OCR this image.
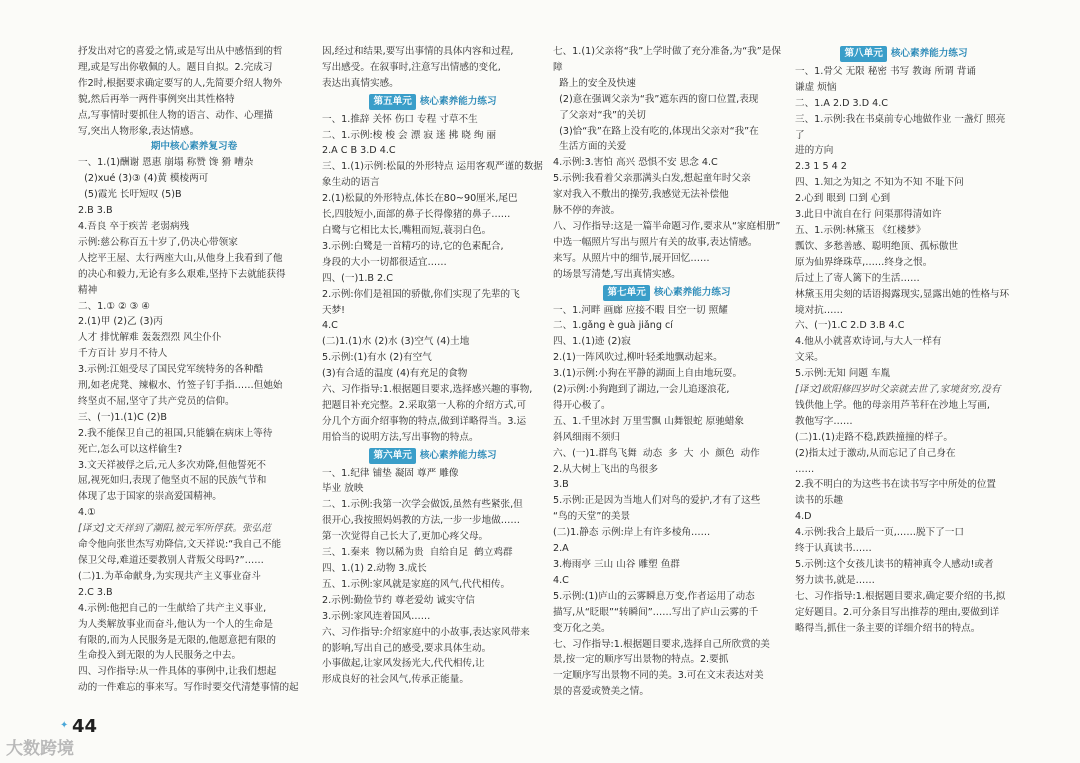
抒发出对它的喜爱之情,或是写出从中感悟到的哲

理,或是写出你敬佩的人。题目自拟。2.完成习

作2时,根据要求确定要写的人,先简要介绍人物外

貌,然后再举一两件事例突出其性格特

点,写事情时要抓住人物的语言、动作、心理描

写,突出人物形象,表达情感。

期中核心素养复习卷

一、1.(1)酬谢 恩惠 崩塌 称赞 馋 猾 嘈杂

(2)xué (3)③ (4)黄 模棱两可

(5)霞光 长吁短叹 (5)B

2.B 3.B

4.吾良 卒于疾苦 老弱病残

示例:慈公称百五十岁了,仍决心带领家

人挖平王屋、太行两座大山,从他身上我看到了他

的决心和毅力,无论有多么艰难,坚持下去就能获得

精神

二、1.① ② ③ ④

2.(1)甲 (2)乙 (3)丙

人才 排忧解难 轰轰烈烈 风尘仆仆

千方百计 岁月不待人

3.示例:江姐受尽了国民党军统特务的各种酷

刑,如老虎凳、辣椒水、竹签子钉手指……但她始

终坚贞不屈,坚守了共产党员的信仰。

三、(一)1.(1)C (2)B

2.我不能保卫自己的祖国,只能躺在病床上等待

死亡,怎么可以这样偷生?

3.文天祥被俘之后,元人多次劝降,但他誓死不

屈,视死如归,表现了他坚贞不屈的民族气节和

体现了忠于国家的崇高爱国精神。

4.①

[译文]文天祥到了潮阳,被元军所俘获。张弘范

命令他向张世杰写劝降信,文天祥说:“我自己不能

保卫父母,难道还要教别人背叛父母吗?”……

(二)1.为革命献身,为实现共产主义事业奋斗

2.C 3.B

4.示例:他把自己的一生献给了共产主义事业,

为人类解放事业而奋斗,他认为一个人的生命是

有限的,而为人民服务是无限的,他愿意把有限的

生命投入到无限的为人民服务之中去。

四、习作指导:从一件具体的事例中,让我们想起

动的一件难忘的事来写。写作时要交代清楚事情的起

因,经过和结果,要写出事情的具体内容和过程,

写出感受。在叙事时,注意写出情感的变化,

表达出真情实感。

第五单元 核心素养能力练习

一、1.推辞 关怀 伤口 专程 寸草不生

二、1.示例:梭 梭 会 漂 寂 迷 拂 晓 绚 丽

2.A C B 3.D 4.C

三、1.(1)示例:松鼠的外形特点 运用客观严谨的数据

象生动的语言

2.(1)松鼠的外形特点,体长在80~90厘米,尾巴

长,四肢短小,面部的鼻子长得像猪的鼻子……

白鹭与它相比太长,嘴粗而短,蓑羽白色。

3.示例:白鹭是一首精巧的诗,它的色素配合,

身段的大小一切都很适宜……

四、(一)1.B 2.C

2.示例:你们是祖国的骄傲,你们实现了先辈的飞

天梦!

4.C

(二)1.(1)水 (2)水 (3)空气 (4)土地

5.示例:(1)有水 (2)有空气

(3)有合适的温度 (4)有充足的食物

六、习作指导:1.根据题目要求,选择感兴趣的事物,

把题目补充完整。2.采取第一人称的介绍方式,可

分几个方面介绍事物的特点,做到详略得当。3.运

用恰当的说明方法,写出事物的特点。

第六单元 核心素养能力练习

一、1.纪律 铺垫 凝固 尊严 雕像

毕业 放映

二、1.示例:我第一次学会做饭,虽然有些紧张,但

很开心,我按照妈妈教的方法,一步一步地做……

第一次觉得自己长大了,更加心疼父母。

三、1.秦来  物以稀为贵  自给自足  鹤立鸡群

四、1.(1) 2.动物 3.成长

五、1.示例:家风就是家庭的风气,代代相传。

2.示例:勤俭节约 尊老爱幼 诚实守信

3.示例:家风连着国风……

六、习作指导:介绍家庭中的小故事,表达家风带来

的影响,写出自己的感受,要求具体生动。

小事做起,让家风发扬光大,代代相传,让

形成良好的社会风气,传承正能量。

七、1.(1)父亲将“我”上学时做了充分准备,为“我”是保障

路上的安全及快速

(2)意在强调父亲为“我”遮东西的窗口位置,表现

了父亲对“我”的关切

(3)恰“我”在路上没有吃的,体现出父亲对“我”在

生活方面的关爱

4.示例:3.害怕 高兴 恐惧不安 思念 4.C

5.示例:我看着父亲那满头白发,想起童年时父亲

家对我入不敷出的操劳,我感觉无法补偿他

脉不停的奔波。

八、习作指导:这是一篇半命题习作,要求从“家庭相册”

中选一幅照片写出与照片有关的故事,表达情感。

来写。从照片中的细节,展开回忆……

的场景写清楚,写出真情实感。

第七单元 核心素养能力练习

一、1.河畔 画廊 应接不暇 目空一切 照耀

二、1.gǎng è guà jiǎng cí

四、1.(1)迹 (2)寂

2.(1)一阵风吹过,柳叶轻柔地飘动起来。

3.(1)示例:小狗在平静的湖面上自由地玩耍。

(2)示例:小狗跑到了湖边,一会儿追逐浪花,

得开心极了。

五、1.千里冰封 万里雪飘 山舞银蛇 原驰蜡象

斜风细雨不须归

六、(一)1.群鸟飞舞  动态  多  大  小  颜色  动作

2.从大树上飞出的鸟很多

3.B

5.示例:正是因为当地人们对鸟的爱护,才有了这些

“鸟的天堂”的美景

(二)1.静态 示例:岸上有许多棱角……

2.A

3.梅雨亭 三山 山谷 雕塑 鱼群

4.C

5.示例:(1)庐山的云雾瞬息万变,作者运用了动态

描写,从“眨眼”“转瞬间”……写出了庐山云雾的千

变万化之美。

七、习作指导:1.根据题目要求,选择自己所欣赏的美

景,按一定的顺序写出景物的特点。2.要抓

一定顺序写出景物不同的美。3.可在文末表达对美

景的喜爱或赞美之情。

第八单元 核心素养能力练习

一、1.骨父 无限 秘密 书写 教诲 所谓 背诵

谦虚 烦恼

二、1.A 2.D 3.D 4.C

三、1.示例:我在书桌前专心地做作业 一盏灯 照亮了

进的方向

2.3 1 5 4 2

四、1.知之为知之 不知为不知 不耻下问

2.心到 眼到 口到 心到

3.此日中流自在行 问渠那得清如许

五、1.示例:林黛玉 《红楼梦》

瓢饮、多愁善感、聪明绝顶、孤标傲世

原为仙界绛珠草,……终身之恨。

后过上了寄人篱下的生活……

林黛玉用尖刻的话语揭露现实,显露出她的性格与环

境对抗……

六、(一)1.C 2.D 3.B 4.C

4.他从小就喜欢诗词,与大人一样有

文采。

5.示例:无知 问题 车胤

[译文]欧阳修四岁时父亲就去世了,家境贫穷,没有

钱供他上学。他的母亲用芦苇秆在沙地上写画,

教他写字……

(二)1.(1)走路不稳,跌跌撞撞的样子。

(2)指太过于激动,从而忘记了自己身在

……

2.我不明白的为这些书在读书写字中所处的位置

读书的乐趣

4.D

4.示例:我合上最后一页,……脱下了一口

终于认真读书……

5.示例:这个女孩儿读书的精神真令人感动!或者

努力读书,就是……

七、习作指导:1.根据题目要求,确定要介绍的书,拟

定好题目。2.可分条目写出推荐的理由,要做到详

略得当,抓住一条主要的详细介绍书的特点。

✦ 44
大数跨境
